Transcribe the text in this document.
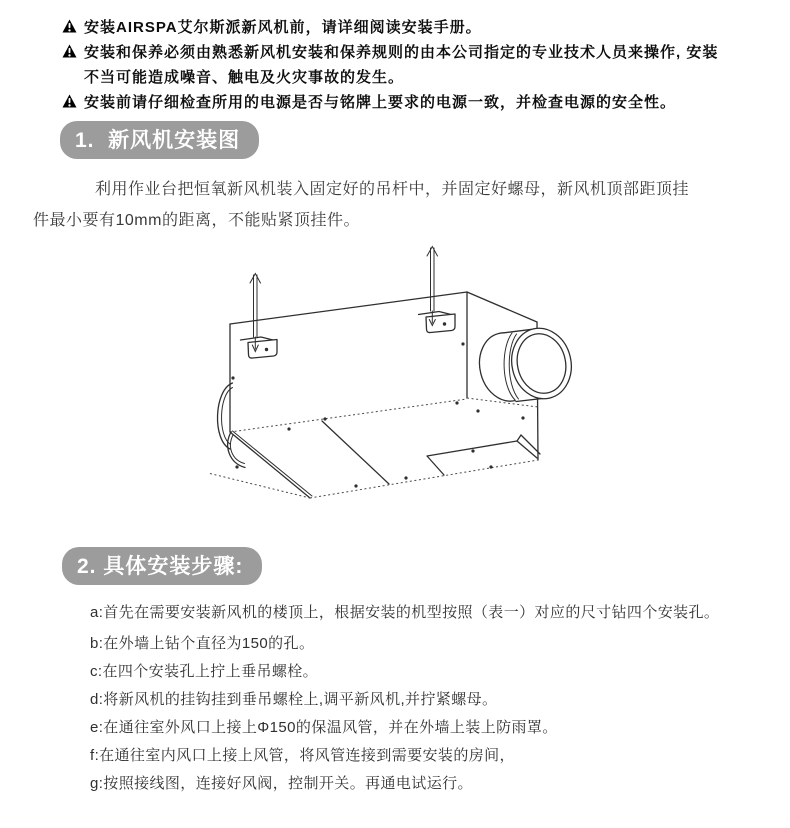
安装AIRSPA艾尔斯派新风机前，请详细阅读安装手册。
安装和保养必须由熟悉新风机安装和保养规则的由本公司指定的专业技术人员来操作, 安装不当可能造成噪音、触电及火灾事故的发生。
安装前请仔细检查所用的电源是否与铭牌上要求的电源一致，并检查电源的安全性。
1.  新风机安装图

利用作业台把恒氧新风机装入固定好的吊杆中，并固定好螺母，新风机顶部距顶挂件最小要有10mm的距离，不能贴紧顶挂件。

2. 具体安装步骤:

a:首先在需要安装新风机的楼顶上，根据安装的机型按照（表一）对应的尺寸钻四个安装孔。

b:在外墙上钻个直径为150的孔。

c:在四个安装孔上拧上垂吊螺栓。

d:将新风机的挂钩挂到垂吊螺栓上,调平新风机,并拧紧螺母。

e:在通往室外风口上接上Φ150的保温风管，并在外墙上装上防雨罩。

f:在通往室内风口上接上风管，将风管连接到需要安装的房间，

g:按照接线图，连接好风阀，控制开关。再通电试运行。
